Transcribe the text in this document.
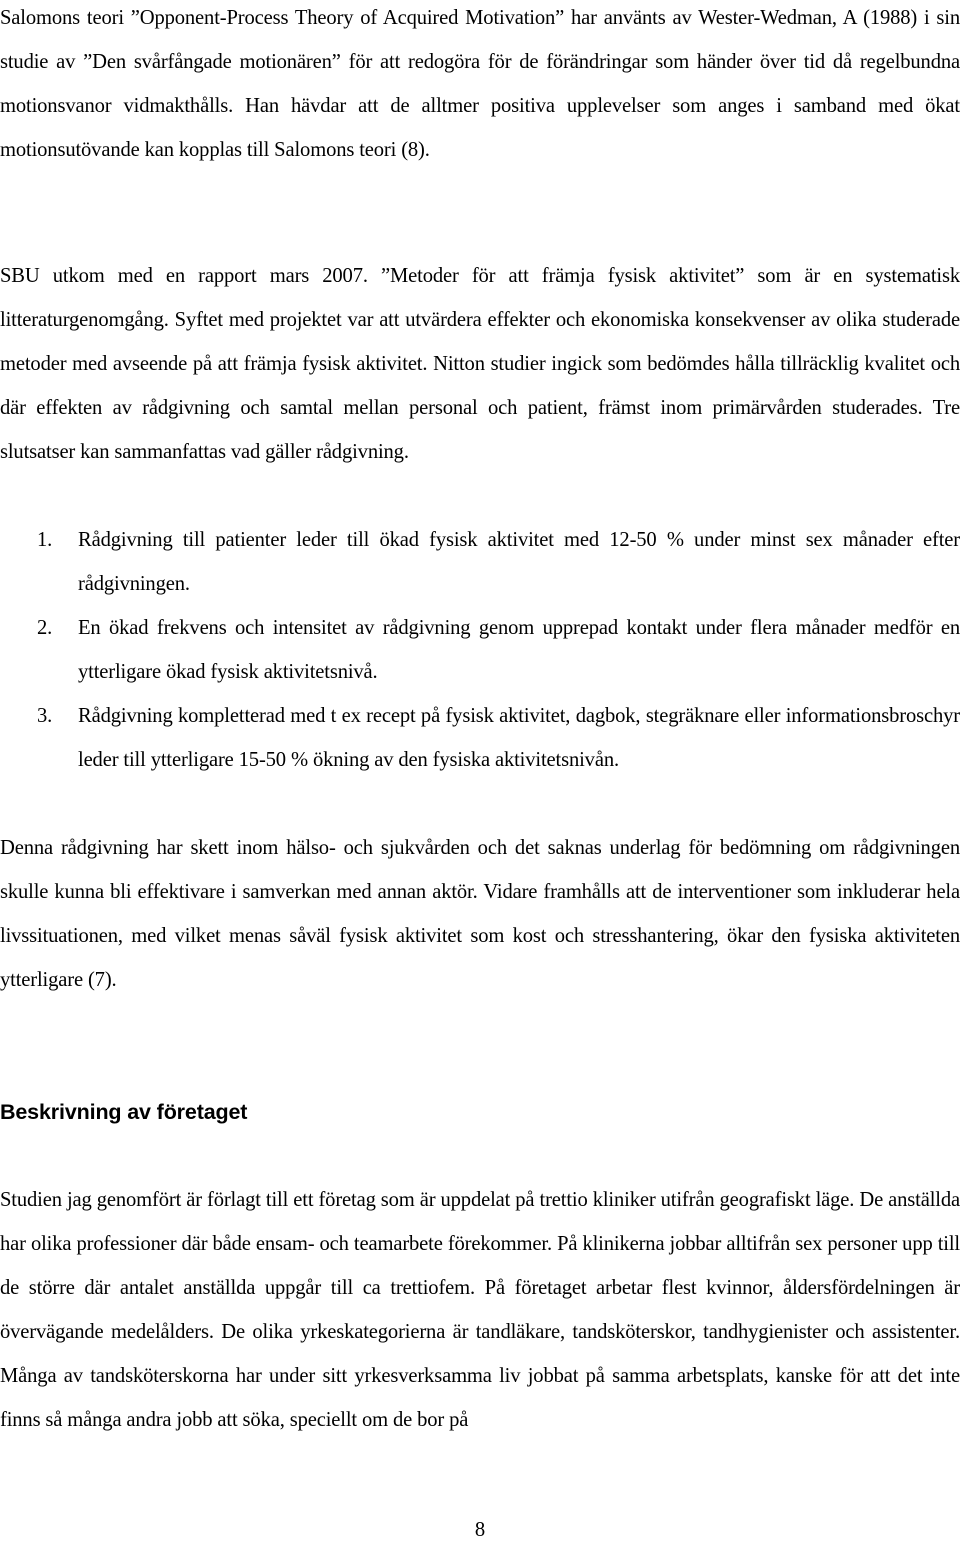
Salomons teori ”Opponent-Process Theory of Acquired Motivation” har använts av Wester-Wedman, A (1988) i sin studie av ”Den svårfångade motionären” för att redogöra för de förändringar som händer över tid då regelbundna motionsvanor vidmakthålls. Han hävdar att de alltmer positiva upplevelser som anges i samband med ökat motionsutövande kan kopplas till Salomons teori (8).

SBU utkom med en rapport mars 2007. ”Metoder för att främja fysisk aktivitet” som är en systematisk litteraturgenomgång. Syftet med projektet var att utvärdera effekter och ekonomiska konsekvenser av olika studerade metoder med avseende på att främja fysisk aktivitet. Nitton studier ingick som bedömdes hålla tillräcklig kvalitet och där effekten av rådgivning och samtal mellan personal och patient, främst inom primärvården studerades. Tre slutsatser kan sammanfattas vad gäller rådgivning.

1. Rådgivning till patienter leder till ökad fysisk aktivitet med 12-50 % under minst sex månader efter rådgivningen.
2. En ökad frekvens och intensitet av rådgivning genom upprepad kontakt under flera månader medför en ytterligare ökad fysisk aktivitetsnivå.
3. Rådgivning kompletterad med t ex recept på fysisk aktivitet, dagbok, stegräknare eller informationsbroschyr leder till ytterligare 15-50 % ökning av den fysiska aktivitetsnivån.

Denna rådgivning har skett inom hälso- och sjukvården och det saknas underlag för bedömning om rådgivningen skulle kunna bli effektivare i samverkan med annan aktör. Vidare framhålls att de interventioner som inkluderar hela livssituationen, med vilket menas såväl fysisk aktivitet som kost och stresshantering, ökar den fysiska aktiviteten ytterligare (7).

Beskrivning av företaget

Studien jag genomfört är förlagt till ett företag som är uppdelat på trettio kliniker utifrån geografiskt läge. De anställda har olika professioner där både ensam- och teamarbete förekommer. På klinikerna jobbar alltifrån sex personer upp till de större där antalet anställda uppgår till ca trettiofem. På företaget arbetar flest kvinnor, åldersfördelningen är övervägande medelålders. De olika yrkeskategorierna är tandläkare, tandsköterskor, tandhygienister och assistenter. Många av tandsköterskorna har under sitt yrkesverksamma liv jobbat på samma arbetsplats, kanske för att det inte finns så många andra jobb att söka, speciellt om de bor på

8
